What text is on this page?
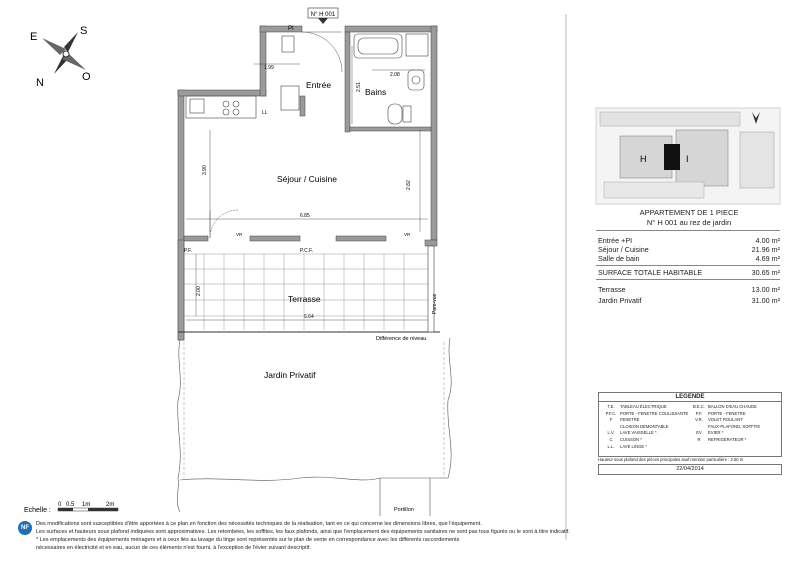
E	S
N	O
N° H 001
LL
1.99
2.08
2.51
3.90
2.82
6.85
2.00
6.64
P.F.	P.C.F.
VR	VR
Pare-vue
Différence de niveau
Portillon
PI
Entrée
Bains
Séjour / Cuisine
Terrasse
Jardin Privatif
Echelle :
0 0.5 1m	2m
H	I
APPARTEMENT DE 1 PIECE
N° H 001 au rez de jardin
Entrée +PI	4.00 m²
Séjour / Cuisine	21.96 m²
Salle de bain	4.69 m²
SURFACE TOTALE HABITABLE	30.65 m²
Terrasse	13.00 m²
Jardin Privatif	31.00 m²
LEGENDE
T.E.	TABLEAU ÉLECTRIQUE
P.F.C. PORTE - FENETRE COULISSANTE
F	FENETRE
CLOISON DEMONTABLE
L.V.	LAVE VAISSELLE *
C	CUISSON *
L.L.	LAVE LINGE *
B.E.C. BALLON D'EAU CHAUDE
P.F.	PORTE - FENETRE
V.R.	VOLET ROULANT
FAUX-PLAFOND, SOFFITE
EV	EVIER *
R	REFRIGERATEUR *
Hauteur sous plafond des pièces principales sauf mention particulière : 2.50 m
22/04/2014
NF
Des modifications sont susceptibles d'être apportées à ce plan en fonction des nécessités techniques de la réalisation, tant en ce qui concerne les dimensions libres, que l'équipement.
Les surfaces et hauteurs sous plafond indiquées sont approximatives. Les retombées, les soffites, les faux plafonds, ainsi que l'emplacement des équipements sanitaires ne sont pas tous figurés ou le sont à titre indicatif.
* Les emplacements des équipements ménagers et à ceux liés au lavage du linge sont représentés sur le plan de vente en correspondance avec les différents raccordements
nécessaires en électricité et en eau, aucun de ces éléments n'est fourni, à l'exception de l'évier suivant descriptif.
